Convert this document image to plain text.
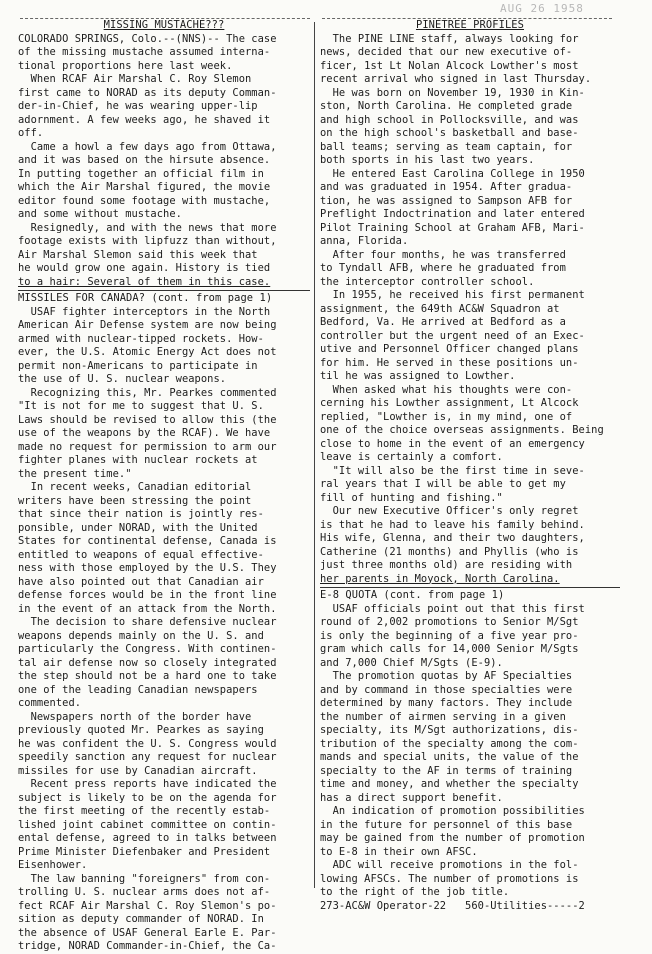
AUG 26 1958
MISSING MUSTACHE???
COLORADO SPRINGS, Colo.--(NNS)-- The case
of the missing mustache assumed interna-
tional proportions here last week.
When RCAF Air Marshal C. Roy Slemon
first came to NORAD as its deputy Comman-
der-in-Chief, he was wearing upper-lip
adornment. A few weeks ago, he shaved it
off.
Came a howl a few days ago from Ottawa,
and it was based on the hirsute absence.
In putting together an official film in
which the Air Marshal figured, the movie
editor found some footage with mustache,
and some without mustache.
Resignedly, and with the news that more
footage exists with lipfuzz than without,
Air Marshal Slemon said this week that
he would grow one again. History is tied
to a hair: Several of them in this case.
MISSILES FOR CANADA? (cont. from page 1)
USAF fighter interceptors in the North
American Air Defense system are now being
armed with nuclear-tipped rockets. How-
ever, the U.S. Atomic Energy Act does not
permit non-Americans to participate in
the use of U. S. nuclear weapons.
Recognizing this, Mr. Pearkes commented
"It is not for me to suggest that U. S.
Laws should be revised to allow this (the
use of the weapons by the RCAF). We have
made no request for permission to arm our
fighter planes with nuclear rockets at
the present time."
In recent weeks, Canadian editorial
writers have been stressing the point
that since their nation is jointly res-
ponsible, under NORAD, with the United
States for continental defense, Canada is
entitled to weapons of equal effective-
ness with those employed by the U.S. They
have also pointed out that Canadian air
defense forces would be in the front line
in the event of an attack from the North.
The decision to share defensive nuclear
weapons depends mainly on the U. S. and
particularly the Congress. With continen-
tal air defense now so closely integrated
the step should not be a hard one to take
one of the leading Canadian newspapers
commented.
Newspapers north of the border have
previously quoted Mr. Pearkes as saying
he was confident the U. S. Congress would
speedily sanction any request for nuclear
missiles for use by Canadian aircraft.
Recent press reports have indicated the
subject is likely to be on the agenda for
the first meeting of the recently estab-
lished joint cabinet committee on contin-
ental defense, agreed to in talks between
Prime Minister Diefenbaker and President
Eisenhower.
The law banning "foreigners" from con-
trolling U. S. nuclear arms does not af-
fect RCAF Air Marshal C. Roy Slemon's po-
sition as deputy commander of NORAD. In
the absence of USAF General Earle E. Par-
tridge, NORAD Commander-in-Chief, the Ca-
PINETREE PROFILES
The PINE LINE staff, always looking for
news, decided that our new executive of-
ficer, 1st Lt Nolan Alcock Lowther's most
recent arrival who signed in last Thursday.
He was born on November 19, 1930 in Kin-
ston, North Carolina. He completed grade
and high school in Pollocksville, and was
on the high school's basketball and base-
ball teams; serving as team captain, for
both sports in his last two years.
He entered East Carolina College in 1950
and was graduated in 1954. After gradua-
tion, he was assigned to Sampson AFB for
Preflight Indoctrination and later entered
Pilot Training School at Graham AFB, Mari-
anna, Florida.
After four months, he was transferred
to Tyndall AFB, where he graduated from
the interceptor controller school.
In 1955, he received his first permanent
assignment, the 649th AC&W Squadron at
Bedford, Va. He arrived at Bedford as a
controller but the urgent need of an Exec-
utive and Personnel Officer changed plans
for him. He served in these positions un-
til he was assigned to Lowther.
When asked what his thoughts were con-
cerning his Lowther assignment, Lt Alcock
replied, "Lowther is, in my mind, one of
one of the choice overseas assignments. Being
close to home in the event of an emergency
leave is certainly a comfort.
"It will also be the first time in seve-
ral years that I will be able to get my
fill of hunting and fishing."
Our new Executive Officer's only regret
is that he had to leave his family behind.
His wife, Glenna, and their two daughters,
Catherine (21 months) and Phyllis (who is
just three months old) are residing with
her parents in Moyock, North Carolina.
E-8 QUOTA (cont. from page 1)
USAF officials point out that this first
round of 2,002 promotions to Senior M/Sgt
is only the beginning of a five year pro-
gram which calls for 14,000 Senior M/Sgts
and 7,000 Chief M/Sgts (E-9).
The promotion quotas by AF Specialties
and by command in those specialties were
determined by many factors. They include
the number of airmen serving in a given
specialty, its M/Sgt authorizations, dis-
tribution of the specialty among the com-
mands and special units, the value of the
specialty to the AF in terms of training
time and money, and whether the specialty
has a direct support benefit.
An indication of promotion possibilities
in the future for personnel of this base
may be gained from the number of promotion
to E-8 in their own AFSC.
ADC will receive promotions in the fol-
lowing AFSCs. The number of promotions is
to the right of the job title.
273-AC&W Operator-22   560-Utilities-----2
